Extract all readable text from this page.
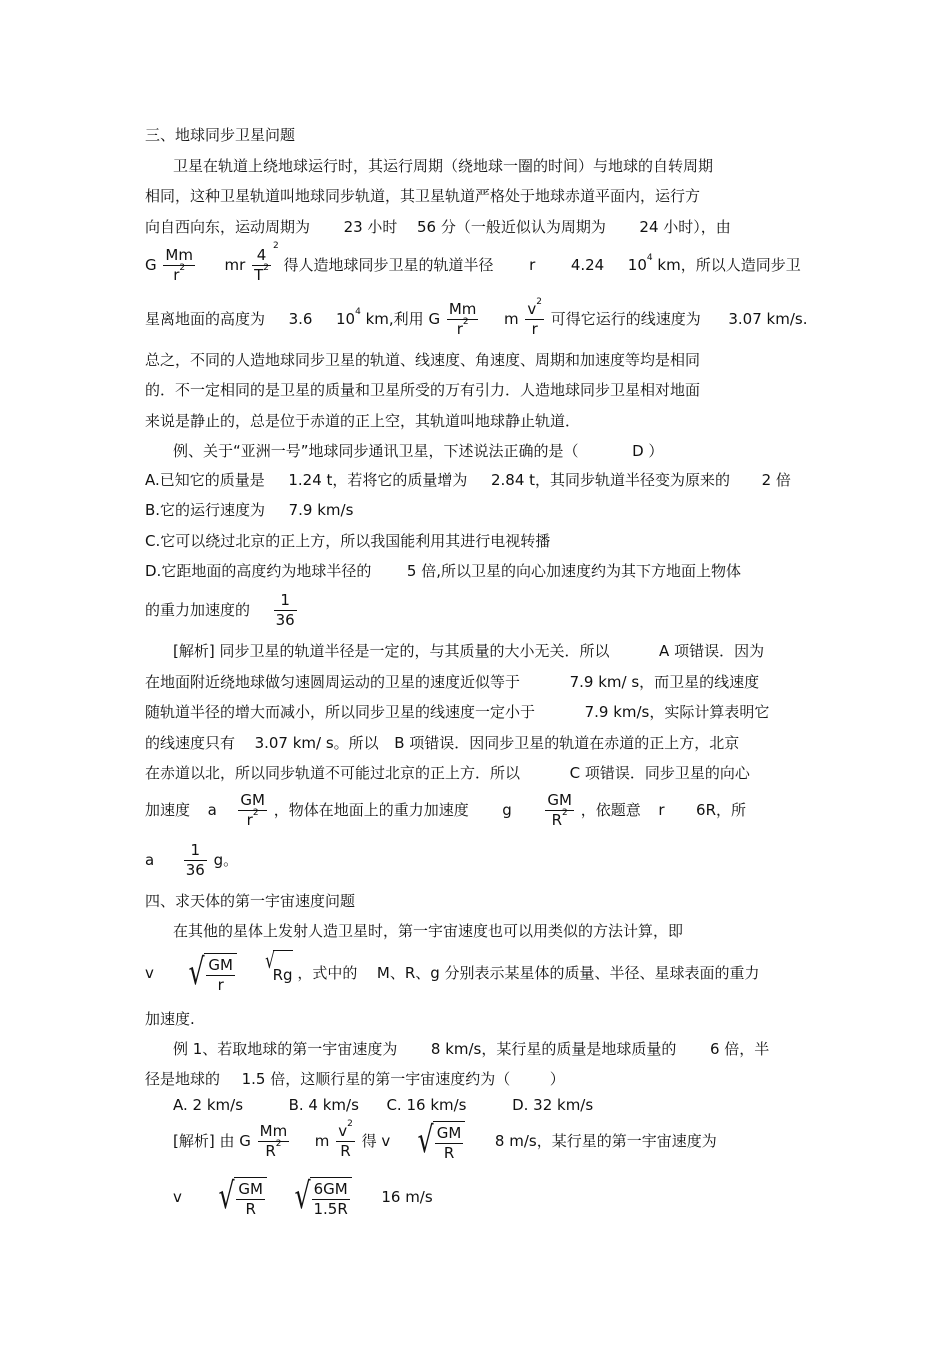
三、地球同步卫星问题
卫星在轨道上绕地球运行时，其运行周期（绕地球一圈的时间）与地球的自转周期
相同，这种卫星轨道叫地球同步轨道，其卫星轨道严格处于地球赤道平面内，运行方
向自西向东，运动周期为 23 小时 56 分（一般近似认为周期为 24 小时），由
G $\frac{Mm}{r^2}$ mr $\frac{4}{T^2} ^2$ 得人造地球同步卫星的轨道半径 r 4.24 $10^4$ km，所以人造同步卫
星离地面的高度为 3.6 $10^4$ km,利用 G $\frac{Mm}{r^2}$ m $\frac{v^2}{r}$ 可得它运行的线速度为 3.07 km/s.
总之，不同的人造地球同步卫星的轨道、线速度、角速度、周期和加速度等均是相同
的．不一定相同的是卫星的质量和卫星所受的万有引力．人造地球同步卫星相对地面
来说是静止的，总是位于赤道的正上空，其轨道叫地球静止轨道．
例、关于“亚洲一号”地球同步通讯卫星，下述说法正确的是（	D ）
A.已知它的质量是 1.24 t，若将它的质量增为 2.84 t，其同步轨道半径变为原来的 2 倍
B.它的运行速度为 7.9 km/s
C.它可以绕过北京的正上方，所以我国能利用其进行电视转播
D.它距地面的高度约为地球半径的 5 倍,所以卫星的向心加速度约为其下方地面上物体
的重力加速度的 $\frac{1}{36}$
[解析] 同步卫星的轨道半径是一定的，与其质量的大小无关．所以	A 项错误．因为
在地面附近绕地球做匀速圆周运动的卫星的速度近似等于	7.9 km/ s，而卫星的线速度
随轨道半径的增大而减小，所以同步卫星的线速度一定小于	7.9 km/s，实际计算表明它
的线速度只有 3.07 km/ s。所以 B 项错误．因同步卫星的轨道在赤道的正上方，北京
在赤道以北，所以同步轨道不可能过北京的正上方．所以	C 项错误．同步卫星的向心
加速度 a $\frac{GM}{r^2}$ ，物体在地面上的重力加速度 g $\frac{GM}{R^2}$ ，依题意 r 6R，所
a $\frac{1}{36}$ g。
四、求天体的第一宇宙速度问题
在其他的星体上发射人造卫星时，第一宇宙速度也可以用类似的方法计算，即
v √ $\frac{GM}{r}$
√
Rg ，式中的 M、R、g 分别表示某星体的质量、半径、星球表面的重力
加速度.
例 1、若取地球的第一宇宙速度为 8 km/s，某行星的质量是地球质量的 6 倍，半
径是地球的 1.5 倍，这顺行星的第一宇宙速度约为（	）
A. 2 km/s	B. 4 km/s C. 16 km/s	D. 32 km/s
[解析] 由 G $\frac{Mm}{R^2}$ m $\frac{v^2}{R}$ 得 v √ $\frac{GM}{R} 8$ m/s，某行星的第一宇宙速度为
v √ $\frac{GM}{R}$
√ $\frac{6GM}{1.5R} 16$ m/s
